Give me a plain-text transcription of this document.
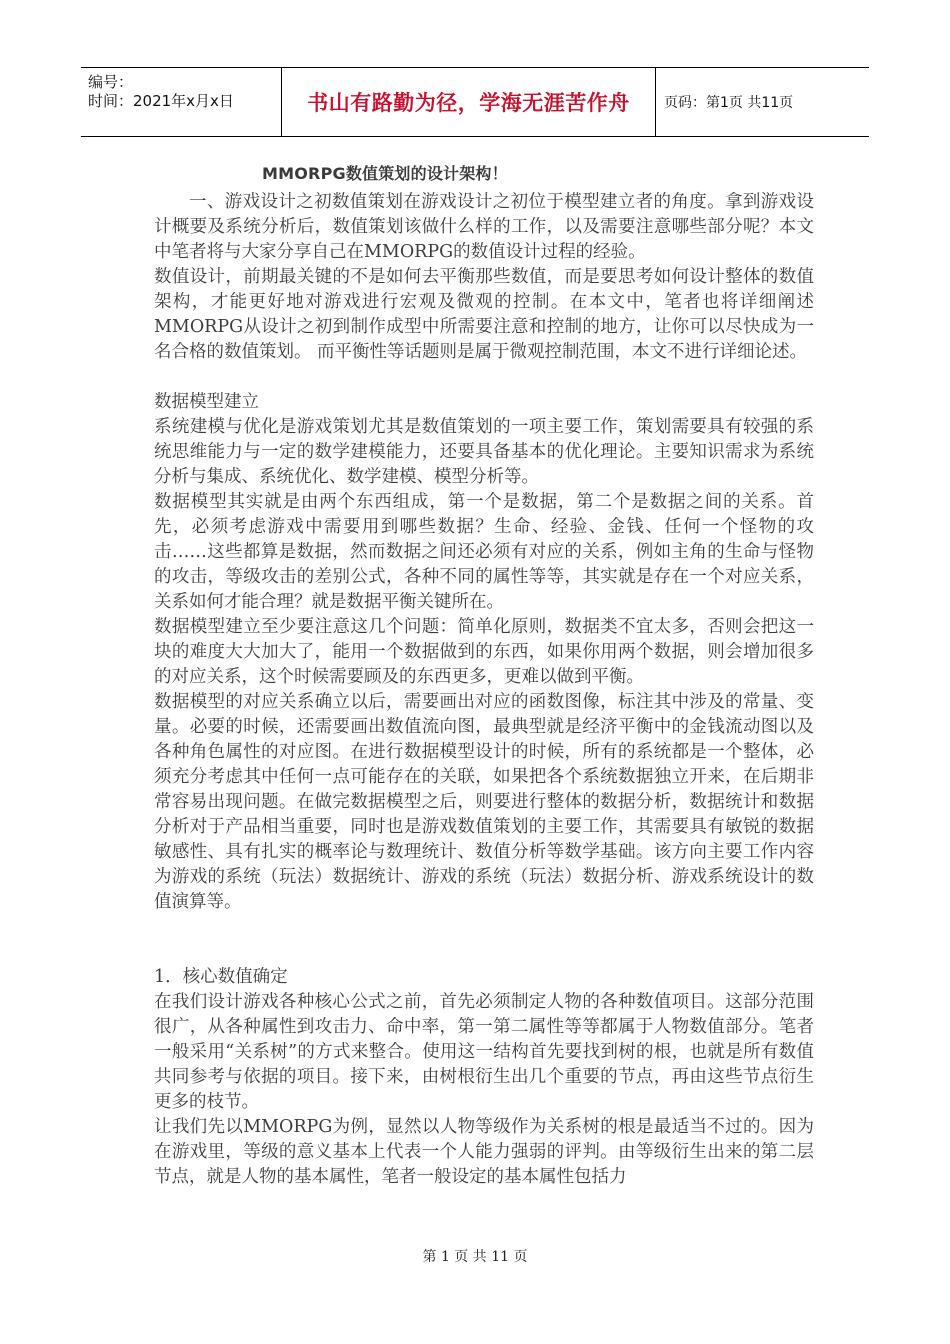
编号：
时间：2021年x月x日	书山有路勤为径，学海无涯苦作舟 页码：第1页 共11页
MMORPG数值策划的设计架构！

一、游戏设计之初数值策划在游戏设计之初位于模型建立者的角度。拿到游戏设计概要及系统分析后，数值策划该做什么样的工作，以及需要注意哪些部分呢？本文中笔者将与大家分享自己在MMORPG的数值设计过程的经验。

数值设计，前期最关键的不是如何去平衡那些数值，而是要思考如何设计整体的数值架构，才能更好地对游戏进行宏观及微观的控制。在本文中，笔者也将详细阐述MMORPG从设计之初到制作成型中所需要注意和控制的地方，让你可以尽快成为一名合格的数值策划。 而平衡性等话题则是属于微观控制范围，本文不进行详细论述。

数据模型建立

系统建模与优化是游戏策划尤其是数值策划的一项主要工作，策划需要具有较强的系统思维能力与一定的数学建模能力，还要具备基本的优化理论。主要知识需求为系统分析与集成、系统优化、数学建模、模型分析等。

数据模型其实就是由两个东西组成，第一个是数据，第二个是数据之间的关系。首先，必须考虑游戏中需要用到哪些数据？生命、经验、金钱、任何一个怪物的攻击……这些都算是数据，然而数据之间还必须有对应的关系，例如主角的生命与怪物的攻击，等级攻击的差别公式，各种不同的属性等等，其实就是存在一个对应关系，关系如何才能合理？就是数据平衡关键所在。

数据模型建立至少要注意这几个问题：简单化原则，数据类不宜太多，否则会把这一块的难度大大加大了，能用一个数据做到的东西，如果你用两个数据，则会增加很多的对应关系，这个时候需要顾及的东西更多，更难以做到平衡。

数据模型的对应关系确立以后，需要画出对应的函数图像，标注其中涉及的常量、变量。必要的时候，还需要画出数值流向图，最典型就是经济平衡中的金钱流动图以及各种角色属性的对应图。在进行数据模型设计的时候，所有的系统都是一个整体，必须充分考虑其中任何一点可能存在的关联，如果把各个系统数据独立开来，在后期非常容易出现问题。在做完数据模型之后，则要进行整体的数据分析，数据统计和数据分析对于产品相当重要，同时也是游戏数值策划的主要工作，其需要具有敏锐的数据敏感性、具有扎实的概率论与数理统计、数值分析等数学基础。该方向主要工作内容为游戏的系统（玩法）数据统计、游戏的系统（玩法）数据分析、游戏系统设计的数值演算等。

1．核心数值确定

在我们设计游戏各种核心公式之前，首先必须制定人物的各种数值项目。这部分范围很广，从各种属性到攻击力、命中率，第一第二属性等等都属于人物数值部分。笔者一般采用“关系树”的方式来整合。使用这一结构首先要找到树的根，也就是所有数值共同参考与依据的项目。接下来，由树根衍生出几个重要的节点，再由这些节点衍生更多的枝节。

让我们先以MMORPG为例，显然以人物等级作为关系树的根是最适当不过的。因为在游戏里，等级的意义基本上代表一个人能力强弱的评判。由等级衍生出来的第二层节点，就是人物的基本属性，笔者一般设定的基本属性包括力

第 1 页 共 11 页
